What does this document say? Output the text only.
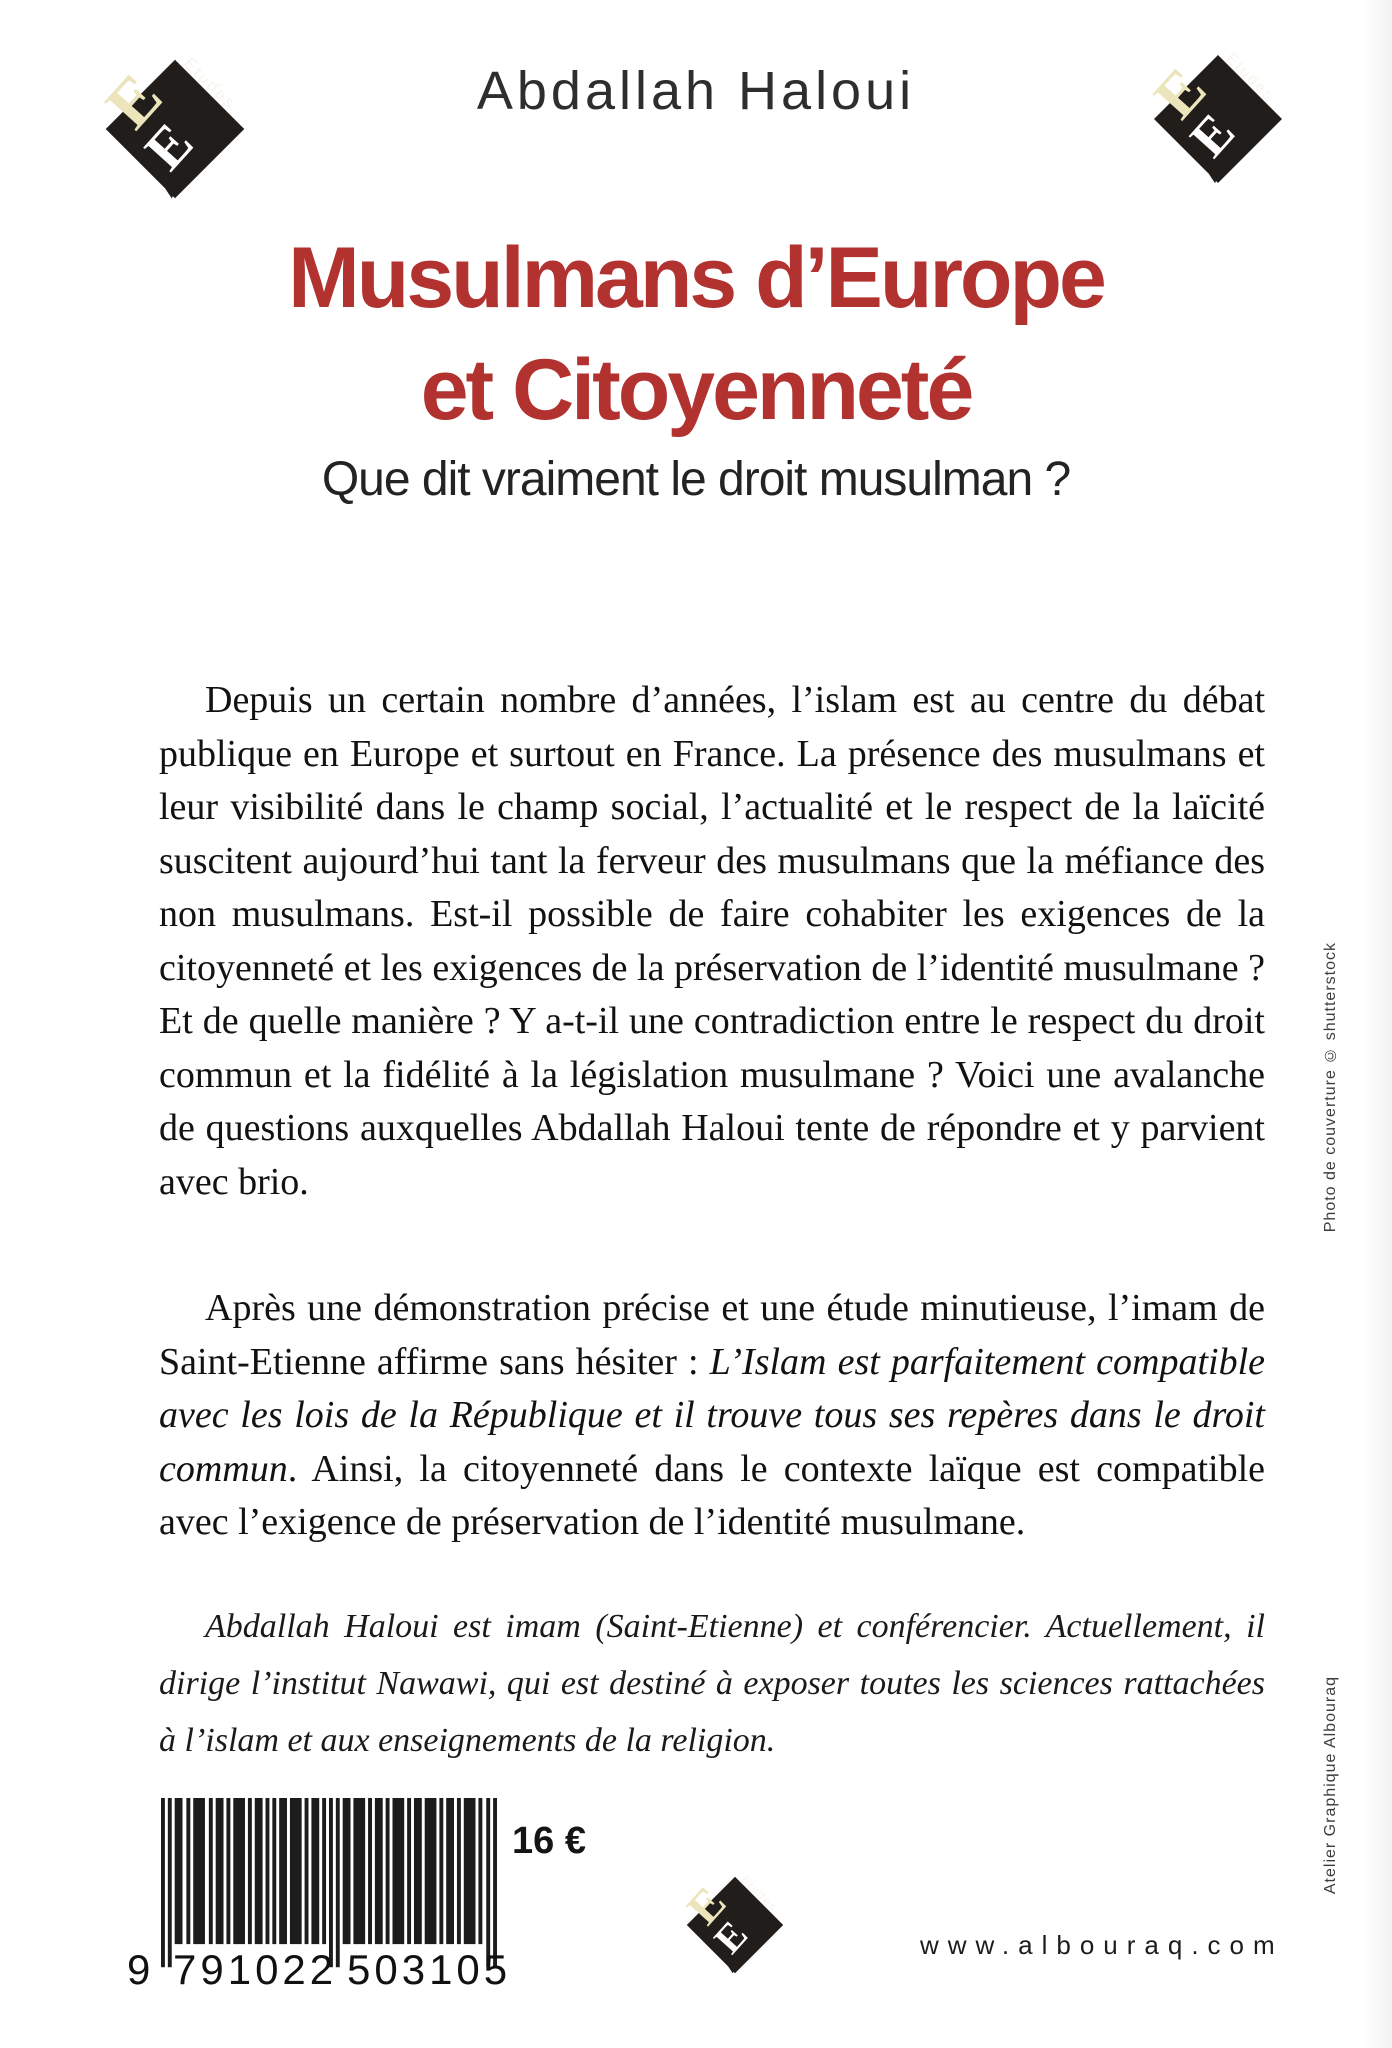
Abdallah Haloui
Musulmans d’Europe
et Citoyenneté
Que dit vraiment le droit musulman ?

Depuis un certain nombre d’années, l’islam est au centre du débat publique en Europe et surtout en France. La présence des musulmans et leur visibilité dans le champ social, l’actualité et le respect de la laïcité suscitent aujourd’hui tant la ferveur des musulmans que la méfiance des non musulmans. Est-il possible de faire cohabiter les exigences de la citoyenneté et les exigences de la préservation de l’identité musulmane ? Et de quelle manière ? Y a-t-il une contradiction entre le respect du droit commun et la fidélité à la législation musulmane ? Voici une avalanche de questions auxquelles Abdallah Haloui tente de répondre et y parvient avec brio.

Après une démonstration précise et une étude minutieuse, l’imam de Saint-Etienne affirme sans hésiter : L’Islam est parfaitement compatible avec les lois de la République et il trouve tous ses repères dans le droit commun. Ainsi, la citoyenneté dans le contexte laïque est compatible avec l’exigence de préservation de l’identité musulmane.

Abdallah Haloui est imam (Saint-Etienne) et conférencier. Actuellement, il dirige l’institut Nawawi, qui est destiné à exposer toutes les sciences rattachées à l’islam et aux enseignements de la religion.

9 791022 503105
16 €
www.albouraq.com
Photo de couverture © shutterstock
Atelier Graphique Albouraq
